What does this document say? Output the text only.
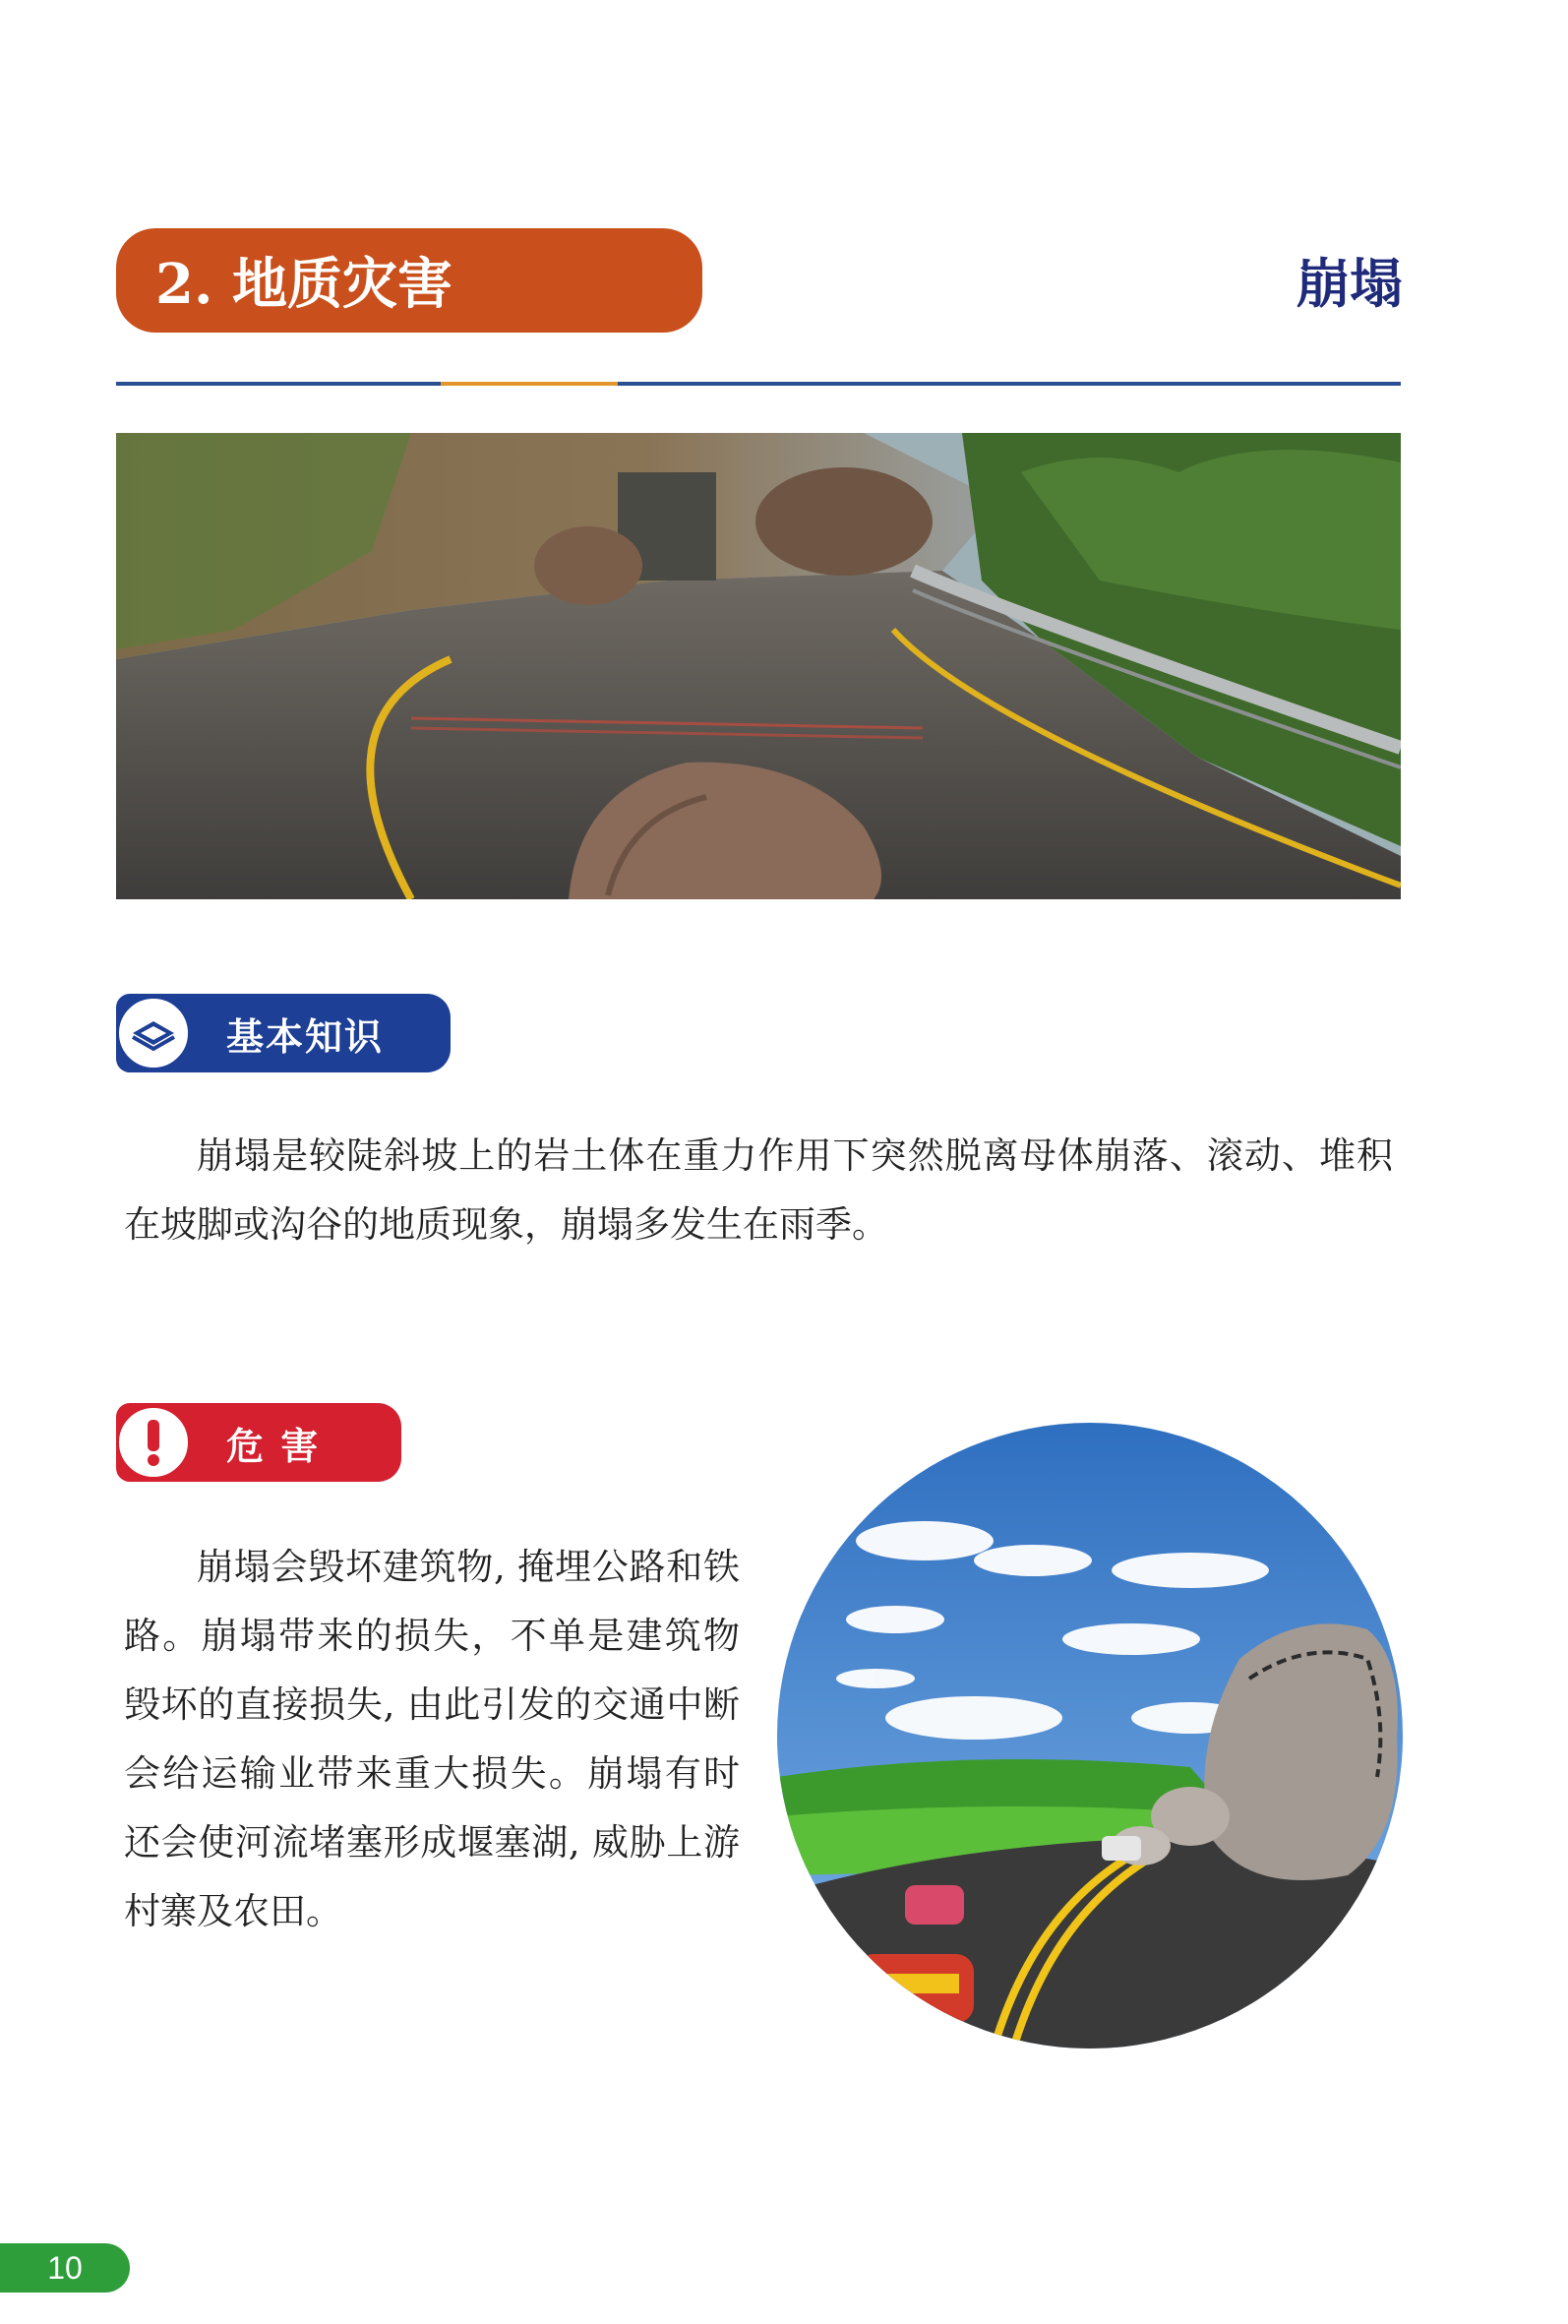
2. 地质灾害	崩塌
基本知识
崩塌是较陡斜坡上的岩土体在重力作用下突然脱离母体崩落、滚动、堆积在坡脚或沟谷的地质现象，崩塌多发生在雨季。
危 害
崩塌会毁坏建筑物, 掩埋公路和铁路。崩塌带来的损失，不单是建筑物毁坏的直接损失, 由此引发的交通中断会给运输业带来重大损失。崩塌有时还会使河流堵塞形成堰塞湖, 威胁上游村寨及农田。
10
